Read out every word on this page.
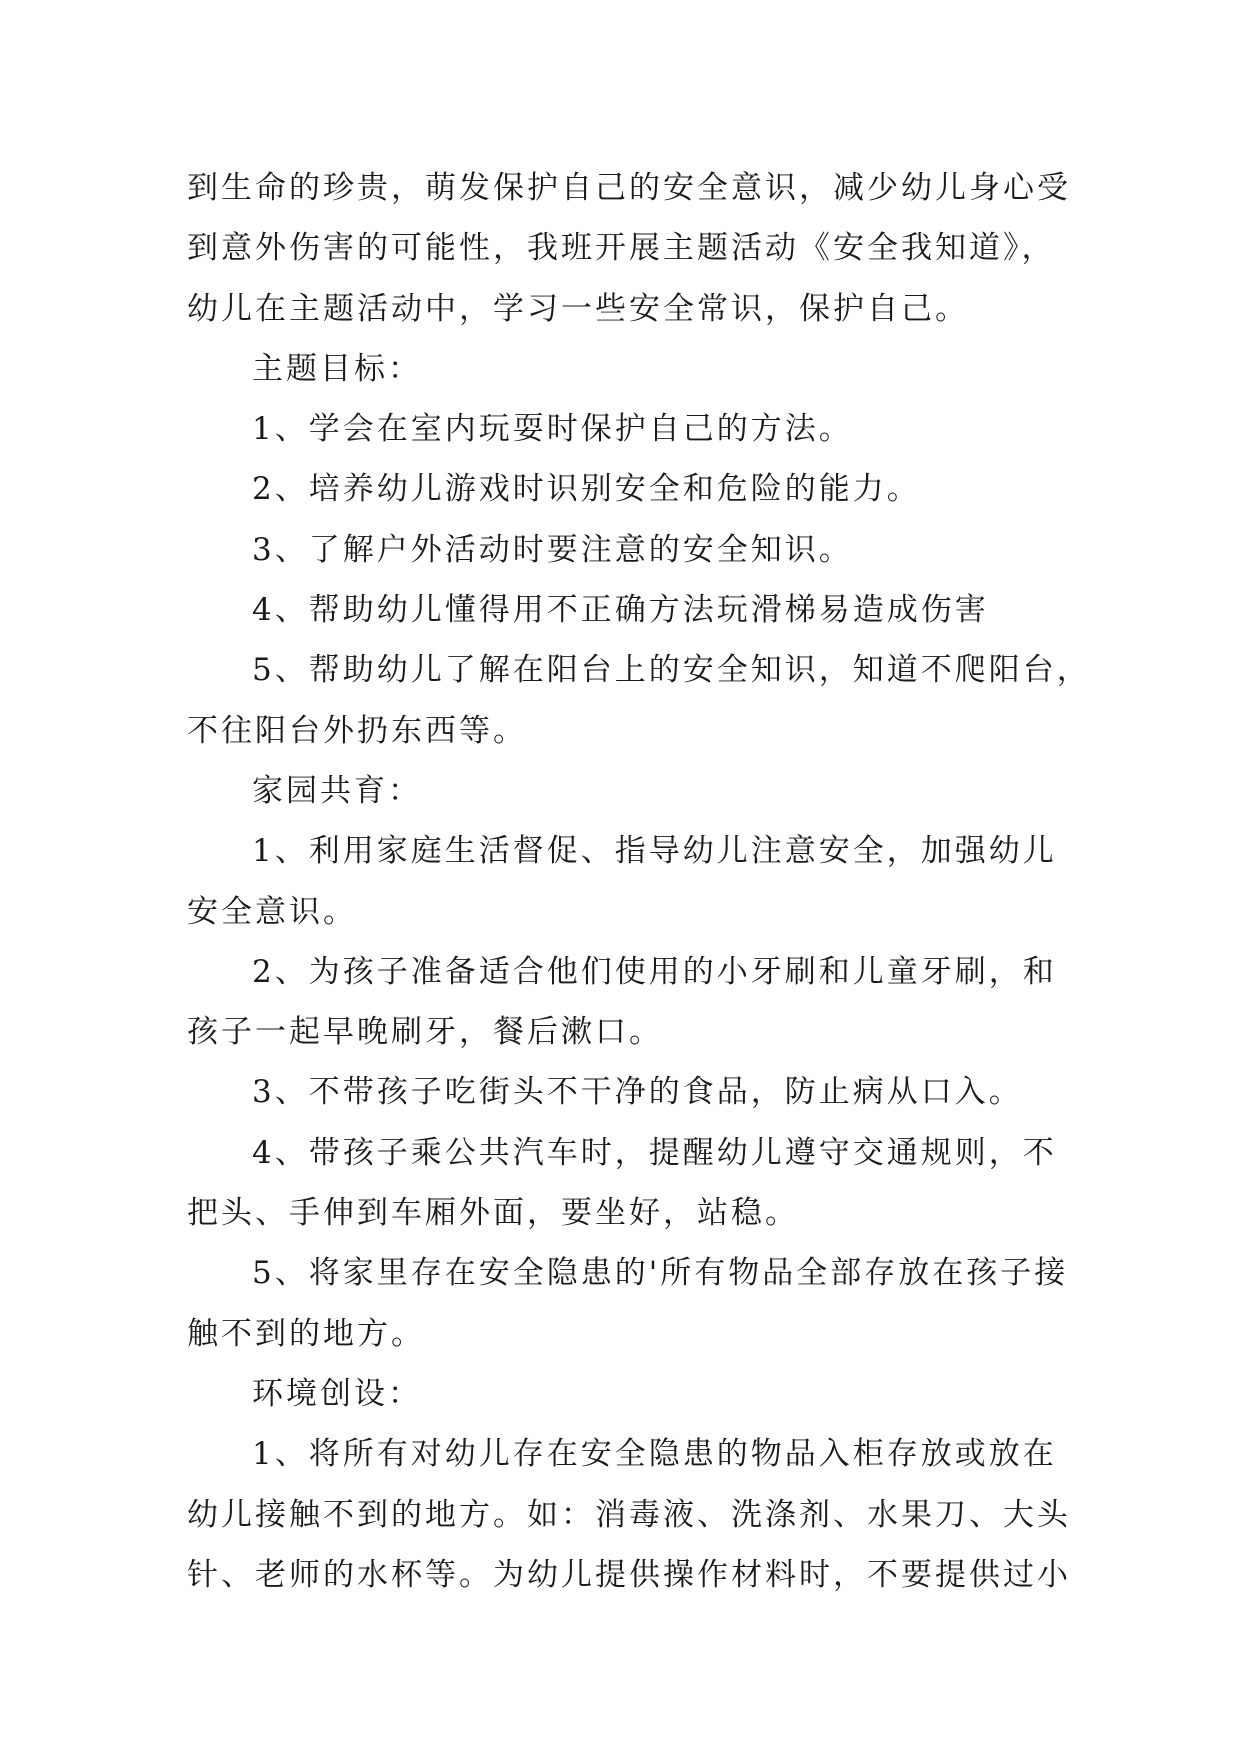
到生命的珍贵，萌发保护自己的安全意识，减少幼儿身心受
到意外伤害的可能性，我班开展主题活动《安全我知道》，
幼儿在主题活动中，学习一些安全常识，保护自己。
主题目标：
1、学会在室内玩耍时保护自己的方法。
2、培养幼儿游戏时识别安全和危险的能力。
3、了解户外活动时要注意的安全知识。
4、帮助幼儿懂得用不正确方法玩滑梯易造成伤害
5、帮助幼儿了解在阳台上的安全知识，知道不爬阳台，
不往阳台外扔东西等。
家园共育：
1、利用家庭生活督促、指导幼儿注意安全，加强幼儿
安全意识。
2、为孩子准备适合他们使用的小牙刷和儿童牙刷，和
孩子一起早晚刷牙，餐后漱口。
3、不带孩子吃街头不干净的食品，防止病从口入。
4、带孩子乘公共汽车时，提醒幼儿遵守交通规则，不
把头、手伸到车厢外面，要坐好，站稳。
5、将家里存在安全隐患的'所有物品全部存放在孩子接
触不到的地方。
环境创设：
1、将所有对幼儿存在安全隐患的物品入柜存放或放在
幼儿接触不到的地方。如：消毒液、洗涤剂、水果刀、大头
针、老师的水杯等。为幼儿提供操作材料时，不要提供过小
